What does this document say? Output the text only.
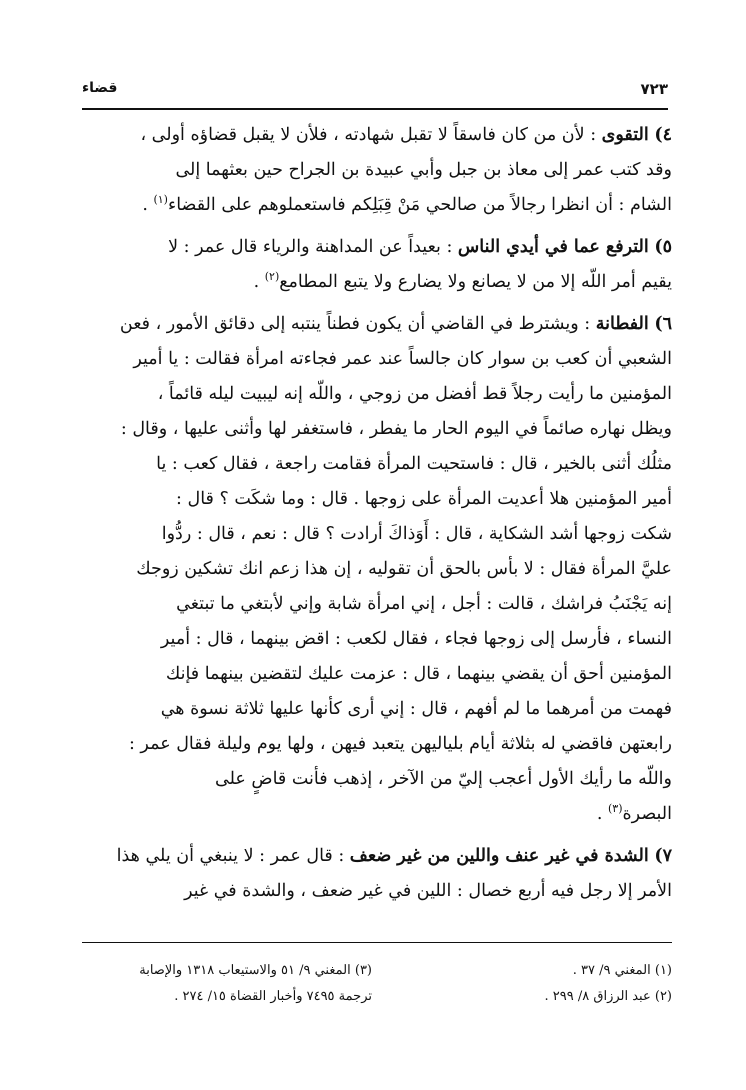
٧٢٣
قضاء

٤) التقوى : لأن من كان فاسقاً لا تقبل شهادته ، فلأن لا يقبل قضاؤه أولى ،
وقد كتب عمر إلى معاذ بن جبل وأبي عبيدة بن الجراح حين بعثهما إلى
الشام : أن انظرا رجالاً من صالحي مَنْ قِبَلِكم فاستعملوهم على القضاء$^{(١)}$ .

٥) الترفع عما في أيدي الناس : بعيداً عن المداهنة والرياء قال عمر : لا
يقيم أمر اللّه إلا من لا يصانع ولا يضارع ولا يتبع المطامع$^{(٢)}$ .

٦) الفطانة : ويشترط في القاضي أن يكون فطناً ينتبه إلى دقائق الأمور ، فعن
الشعبي أن كعب بن سوار كان جالساً عند عمر فجاءته امرأة فقالت : يا أمير
المؤمنين ما رأيت رجلاً قط أفضل من زوجي ، واللّه إنه ليبيت ليله قائماً ،
ويظل نهاره صائماً في اليوم الحار ما يفطر ، فاستغفر لها وأثنى عليها ، وقال :
مثلُك أثنى بالخير ، قال : فاستحيت المرأة فقامت راجعة ، فقال كعب : يا
أمير المؤمنين هلا أعديت المرأة على زوجها . قال : وما شكَت ؟ قال :
شكت زوجها أشد الشكاية ، قال : أَوَذاكَ أرادت ؟ قال : نعم ، قال : ردُّوا
عليَّ المرأة فقال : لا بأس بالحق أن تقوليه ، إن هذا زعم انك تشكين زوجك
إنه يَجْنَبُ فراشك ، قالت : أجل ، إني امرأة شابة وإني لأبتغي ما تبتغي
النساء ، فأرسل إلى زوجها فجاء ، فقال لكعب : اقض بينهما ، قال : أمير
المؤمنين أحق أن يقضي بينهما ، قال : عزمت عليك لتقضين بينهما فإنك
فهمت من أمرهما ما لم أفهم ، قال : إني أرى كأنها عليها ثلاثة نسوة هي
رابعتهن فاقضي له بثلاثة أيام بلياليهن يتعبد فيهن ، ولها يوم وليلة فقال عمر :
واللّه ما رأيك الأول أعجب إليّ من الآخر ، إذهب فأنت قاضٍ على
البصرة$^{(٣)}$ .

٧) الشدة في غير عنف واللين من غير ضعف : قال عمر : لا ينبغي أن يلي هذا
الأمر إلا رجل فيه أربع خصال : اللين في غير ضعف ، والشدة في غير

(١) المغني ٩/ ٣٧ .
(٢) عبد الرزاق ٨/ ٢٩٩ .
(٣) المغني ٩/ ٥١ والاستيعاب ١٣١٨ والإصابة
ترجمة ٧٤٩٥ وأخبار القضاة ١٥/ ٢٧٤ .
